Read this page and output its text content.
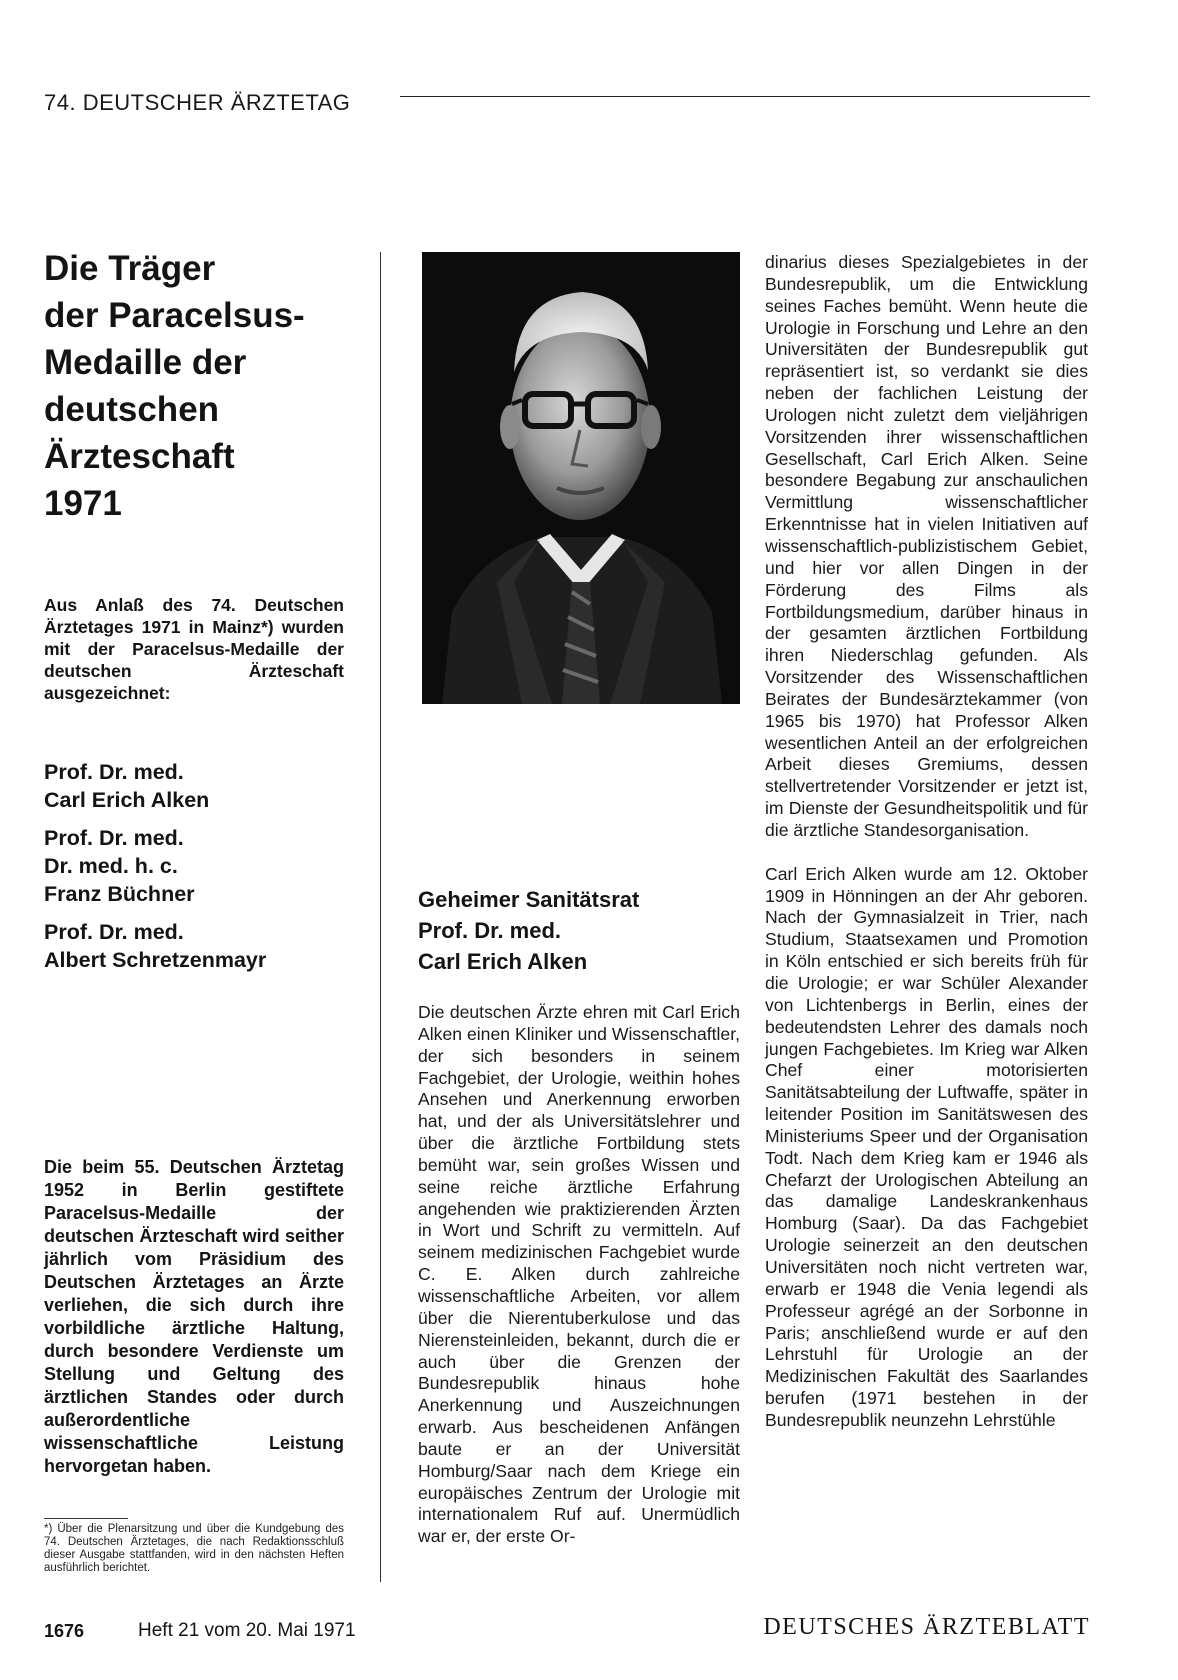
74. DEUTSCHER ÄRZTETAG
Die Träger
der Paracelsus-
Medaille der
deutschen
Ärzteschaft
1971
Aus Anlaß des 74. Deutschen Ärztetages 1971 in Mainz*) wurden mit der Paracelsus-Medaille der deutschen Ärzteschaft ausgezeichnet:
Prof. Dr. med.
Carl Erich Alken
Prof. Dr. med.
Dr. med. h. c.
Franz Büchner
Prof. Dr. med.
Albert Schretzenmayr
Die beim 55. Deutschen Ärztetag 1952 in Berlin gestiftete Paracelsus-Medaille der deutschen Ärzteschaft wird seither jährlich vom Präsidium des Deutschen Ärztetages an Ärzte verliehen, die sich durch ihre vorbildliche ärztliche Haltung, durch besondere Verdienste um Stellung und Geltung des ärztlichen Standes oder durch außerordentliche wissenschaftliche Leistung hervorgetan haben.
*) Über die Plenarsitzung und über die Kundgebung des 74. Deutschen Ärztetages, die nach Redaktionsschluß dieser Ausgabe stattfanden, wird in den nächsten Heften ausführlich berichtet.
Geheimer Sanitätsrat
Prof. Dr. med.
Carl Erich Alken

Die deutschen Ärzte ehren mit Carl Erich Alken einen Kliniker und Wissenschaftler, der sich besonders in seinem Fachgebiet, der Urologie, weithin hohes Ansehen und Anerkennung erworben hat, und der als Universitätslehrer und über die ärztliche Fortbildung stets bemüht war, sein großes Wissen und seine reiche ärztliche Erfahrung angehenden wie praktizierenden Ärzten in Wort und Schrift zu vermitteln. Auf seinem medizinischen Fachgebiet wurde C. E. Alken durch zahlreiche wissenschaftliche Arbeiten, vor allem über die Nierentuberkulose und das Nierensteinleiden, bekannt, durch die er auch über die Grenzen der Bundesrepublik hinaus hohe Anerkennung und Auszeichnungen erwarb. Aus bescheidenen Anfängen baute er an der Universität Homburg/Saar nach dem Kriege ein europäisches Zentrum der Urologie mit internationalem Ruf auf. Unermüdlich war er, der erste Or-

dinarius dieses Spezialgebietes in der Bundesrepublik, um die Entwicklung seines Faches bemüht. Wenn heute die Urologie in Forschung und Lehre an den Universitäten der Bundesrepublik gut repräsentiert ist, so verdankt sie dies neben der fachlichen Leistung der Urologen nicht zuletzt dem vieljährigen Vorsitzenden ihrer wissenschaftlichen Gesellschaft, Carl Erich Alken. Seine besondere Begabung zur anschaulichen Vermittlung wissenschaftlicher Erkenntnisse hat in vielen Initiativen auf wissenschaftlich-publizistischem Gebiet, und hier vor allen Dingen in der Förderung des Films als Fortbildungsmedium, darüber hinaus in der gesamten ärztlichen Fortbildung ihren Niederschlag gefunden. Als Vorsitzender des Wissenschaftlichen Beirates der Bundesärztekammer (von 1965 bis 1970) hat Professor Alken wesentlichen Anteil an der erfolgreichen Arbeit dieses Gremiums, dessen stellvertretender Vorsitzender er jetzt ist, im Dienste der Gesundheitspolitik und für die ärztliche Standesorganisation.

Carl Erich Alken wurde am 12. Oktober 1909 in Hönningen an der Ahr geboren. Nach der Gymnasialzeit in Trier, nach Studium, Staatsexamen und Promotion in Köln entschied er sich bereits früh für die Urologie; er war Schüler Alexander von Lichtenbergs in Berlin, eines der bedeutendsten Lehrer des damals noch jungen Fachgebietes. Im Krieg war Alken Chef einer motorisierten Sanitätsabteilung der Luftwaffe, später in leitender Position im Sanitätswesen des Ministeriums Speer und der Organisation Todt. Nach dem Krieg kam er 1946 als Chefarzt der Urologischen Abteilung an das damalige Landeskrankenhaus Homburg (Saar). Da das Fachgebiet Urologie seinerzeit an den deutschen Universitäten noch nicht vertreten war, erwarb er 1948 die Venia legendi als Professeur agrégé an der Sorbonne in Paris; anschließend wurde er auf den Lehrstuhl für Urologie an der Medizinischen Fakultät des Saarlandes berufen (1971 bestehen in der Bundesrepublik neunzehn Lehrstühle

1676	Heft 21 vom 20. Mai 1971	DEUTSCHES ÄRZTEBLATT
